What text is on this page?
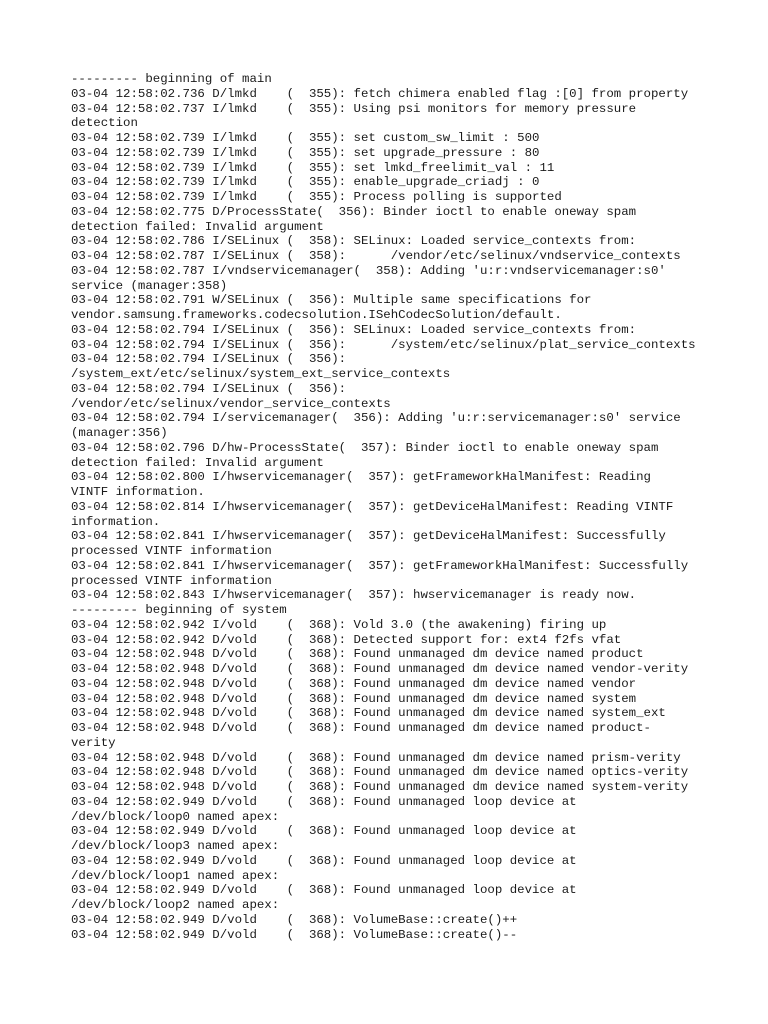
--------- beginning of main
03-04 12:58:02.736 D/lmkd    (  355): fetch chimera enabled flag :[0] from property
03-04 12:58:02.737 I/lmkd    (  355): Using psi monitors for memory pressure
detection
03-04 12:58:02.739 I/lmkd    (  355): set custom_sw_limit : 500
03-04 12:58:02.739 I/lmkd    (  355): set upgrade_pressure : 80
03-04 12:58:02.739 I/lmkd    (  355): set lmkd_freelimit_val : 11
03-04 12:58:02.739 I/lmkd    (  355): enable_upgrade_criadj : 0
03-04 12:58:02.739 I/lmkd    (  355): Process polling is supported
03-04 12:58:02.775 D/ProcessState(  356): Binder ioctl to enable oneway spam
detection failed: Invalid argument
03-04 12:58:02.786 I/SELinux (  358): SELinux: Loaded service_contexts from:
03-04 12:58:02.787 I/SELinux (  358):      /vendor/etc/selinux/vndservice_contexts
03-04 12:58:02.787 I/vndservicemanager(  358): Adding 'u:r:vndservicemanager:s0'
service (manager:358)
03-04 12:58:02.791 W/SELinux (  356): Multiple same specifications for
vendor.samsung.frameworks.codecsolution.ISehCodecSolution/default.
03-04 12:58:02.794 I/SELinux (  356): SELinux: Loaded service_contexts from:
03-04 12:58:02.794 I/SELinux (  356):      /system/etc/selinux/plat_service_contexts
03-04 12:58:02.794 I/SELinux (  356):
/system_ext/etc/selinux/system_ext_service_contexts
03-04 12:58:02.794 I/SELinux (  356):
/vendor/etc/selinux/vendor_service_contexts
03-04 12:58:02.794 I/servicemanager(  356): Adding 'u:r:servicemanager:s0' service
(manager:356)
03-04 12:58:02.796 D/hw-ProcessState(  357): Binder ioctl to enable oneway spam
detection failed: Invalid argument
03-04 12:58:02.800 I/hwservicemanager(  357): getFrameworkHalManifest: Reading
VINTF information.
03-04 12:58:02.814 I/hwservicemanager(  357): getDeviceHalManifest: Reading VINTF
information.
03-04 12:58:02.841 I/hwservicemanager(  357): getDeviceHalManifest: Successfully
processed VINTF information
03-04 12:58:02.841 I/hwservicemanager(  357): getFrameworkHalManifest: Successfully
processed VINTF information
03-04 12:58:02.843 I/hwservicemanager(  357): hwservicemanager is ready now.
--------- beginning of system
03-04 12:58:02.942 I/vold    (  368): Vold 3.0 (the awakening) firing up
03-04 12:58:02.942 D/vold    (  368): Detected support for: ext4 f2fs vfat
03-04 12:58:02.948 D/vold    (  368): Found unmanaged dm device named product
03-04 12:58:02.948 D/vold    (  368): Found unmanaged dm device named vendor-verity
03-04 12:58:02.948 D/vold    (  368): Found unmanaged dm device named vendor
03-04 12:58:02.948 D/vold    (  368): Found unmanaged dm device named system
03-04 12:58:02.948 D/vold    (  368): Found unmanaged dm device named system_ext
03-04 12:58:02.948 D/vold    (  368): Found unmanaged dm device named product-
verity
03-04 12:58:02.948 D/vold    (  368): Found unmanaged dm device named prism-verity
03-04 12:58:02.948 D/vold    (  368): Found unmanaged dm device named optics-verity
03-04 12:58:02.948 D/vold    (  368): Found unmanaged dm device named system-verity
03-04 12:58:02.949 D/vold    (  368): Found unmanaged loop device at
/dev/block/loop0 named apex:
03-04 12:58:02.949 D/vold    (  368): Found unmanaged loop device at
/dev/block/loop3 named apex:
03-04 12:58:02.949 D/vold    (  368): Found unmanaged loop device at
/dev/block/loop1 named apex:
03-04 12:58:02.949 D/vold    (  368): Found unmanaged loop device at
/dev/block/loop2 named apex:
03-04 12:58:02.949 D/vold    (  368): VolumeBase::create()++
03-04 12:58:02.949 D/vold    (  368): VolumeBase::create()--
